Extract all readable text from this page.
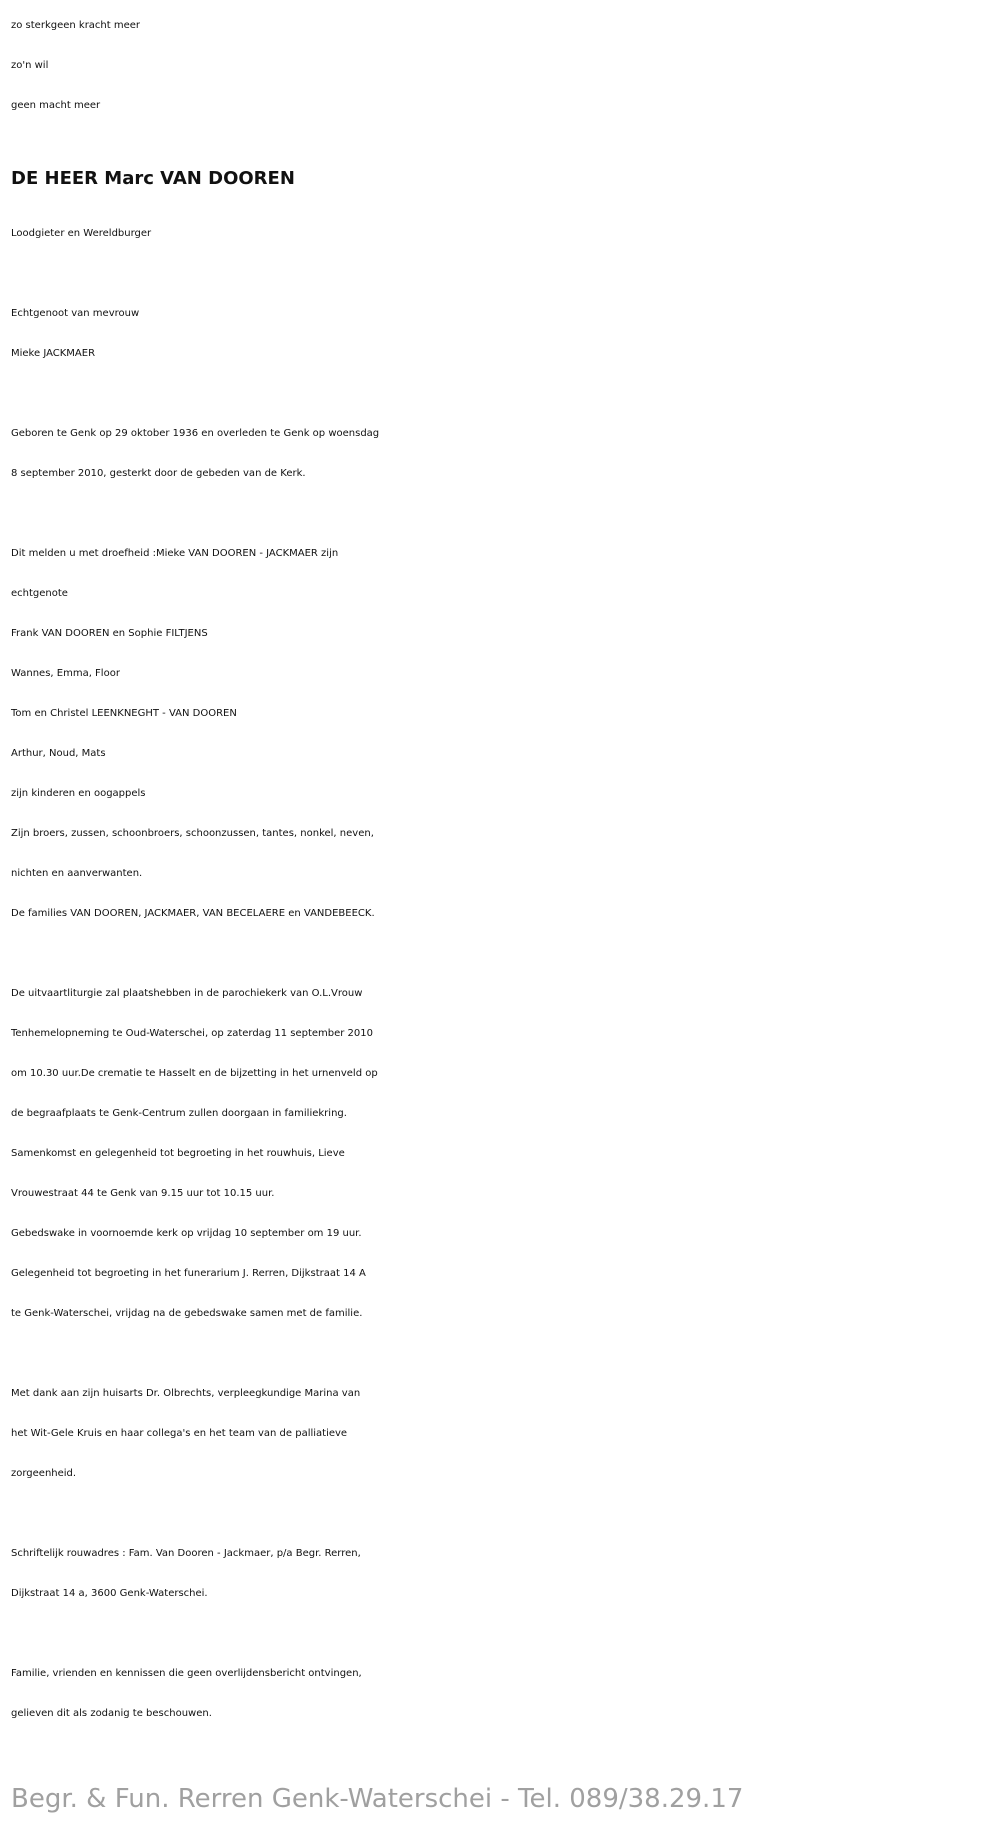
zo sterkgeen kracht meer

zo'n wil

geen macht meer

DE HEER Marc VAN DOOREN

Loodgieter en Wereldburger

Echtgenoot van mevrouw

Mieke JACKMAER

Geboren te Genk op 29 oktober 1936 en overleden te Genk op woensdag

8 september 2010, gesterkt door de gebeden van de Kerk.

Dit melden u met droefheid :Mieke VAN DOOREN - JACKMAER zijn

echtgenote

Frank VAN DOOREN en Sophie FILTJENS

Wannes, Emma, Floor

Tom en Christel LEENKNEGHT - VAN DOOREN

Arthur, Noud, Mats

zijn kinderen en oogappels

Zijn broers, zussen, schoonbroers, schoonzussen, tantes, nonkel, neven,

nichten en aanverwanten.

De families VAN DOOREN, JACKMAER, VAN BECELAERE en VANDEBEECK.

De uitvaartliturgie zal plaatshebben in de parochiekerk van O.L.Vrouw

Tenhemelopneming te Oud-Waterschei, op zaterdag 11 september 2010

om 10.30 uur.De crematie te Hasselt en de bijzetting in het urnenveld op

de begraafplaats te Genk-Centrum zullen doorgaan in familiekring.

Samenkomst en gelegenheid tot begroeting in het rouwhuis, Lieve

Vrouwestraat 44 te Genk van 9.15 uur tot 10.15 uur.

Gebedswake in voornoemde kerk op vrijdag 10 september om 19 uur.

Gelegenheid tot begroeting in het funerarium J. Rerren, Dijkstraat 14 A

te Genk-Waterschei, vrijdag na de gebedswake samen met de familie.

Met dank aan zijn huisarts Dr. Olbrechts, verpleegkundige Marina van

het Wit-Gele Kruis en haar collega's en het team van de palliatieve

zorgeenheid.

Schriftelijk rouwadres : Fam. Van Dooren - Jackmaer, p/a Begr. Rerren,

Dijkstraat 14 a, 3600 Genk-Waterschei.

Familie, vrienden en kennissen die geen overlijdensbericht ontvingen,

gelieven dit als zodanig te beschouwen.

Begr. & Fun. Rerren Genk-Waterschei - Tel. 089/38.29.17
